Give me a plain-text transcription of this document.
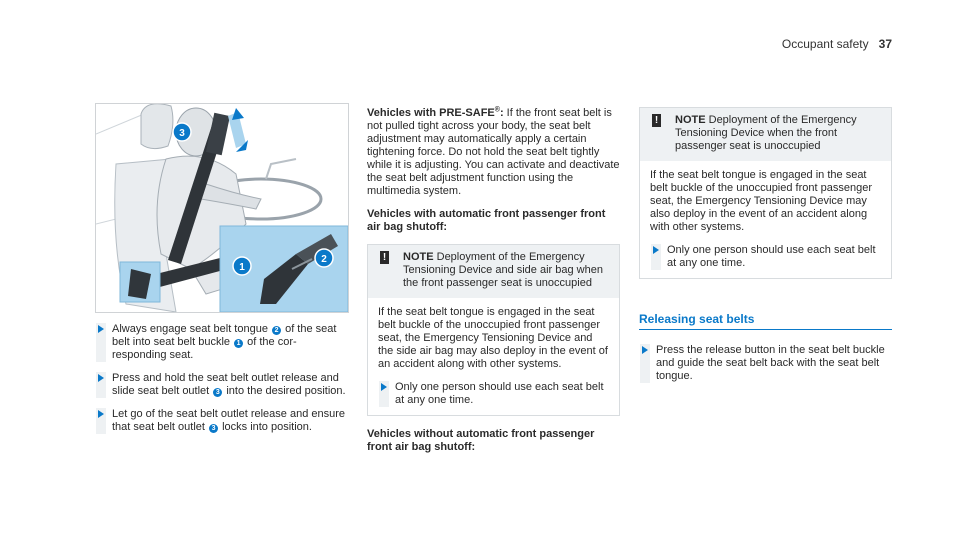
Occupant safety 37
3
1
2
Always engage seat belt tongue 2 of the seat belt into seat belt buckle 1 of the corresponding seat.
Press and hold the seat belt outlet release and slide seat belt outlet 3 into the desired position.
Let go of the seat belt outlet release and ensure that seat belt outlet 3 locks into position.
Vehicles with PRE-SAFE®: If the front seat belt is not pulled tight across your body, the seat belt adjustment may automatically apply a certain tightening force. Do not hold the seat belt tightly while it is adjusting. You can activate and deactivate the seat belt adjustment function using the multimedia system.
Vehicles with automatic front passenger front air bag shutoff:
! NOTE Deployment of the Emergency Tensioning Device and side air bag when the front passenger seat is unoccupied
If the seat belt tongue is engaged in the seat belt buckle of the unoccupied front passenger seat, the Emergency Tensioning Device and the side air bag may also deploy in the event of an accident along with other systems.
Only one person should use each seat belt at any one time.
Vehicles without automatic front passenger front air bag shutoff:
! NOTE Deployment of the Emergency Tensioning Device when the front passenger seat is unoccupied
If the seat belt tongue is engaged in the seat belt buckle of the unoccupied front passenger seat, the Emergency Tensioning Device may also deploy in the event of an accident along with other systems.
Only one person should use each seat belt at any one time.
Releasing seat belts
Press the release button in the seat belt buckle and guide the seat belt back with the seat belt tongue.
